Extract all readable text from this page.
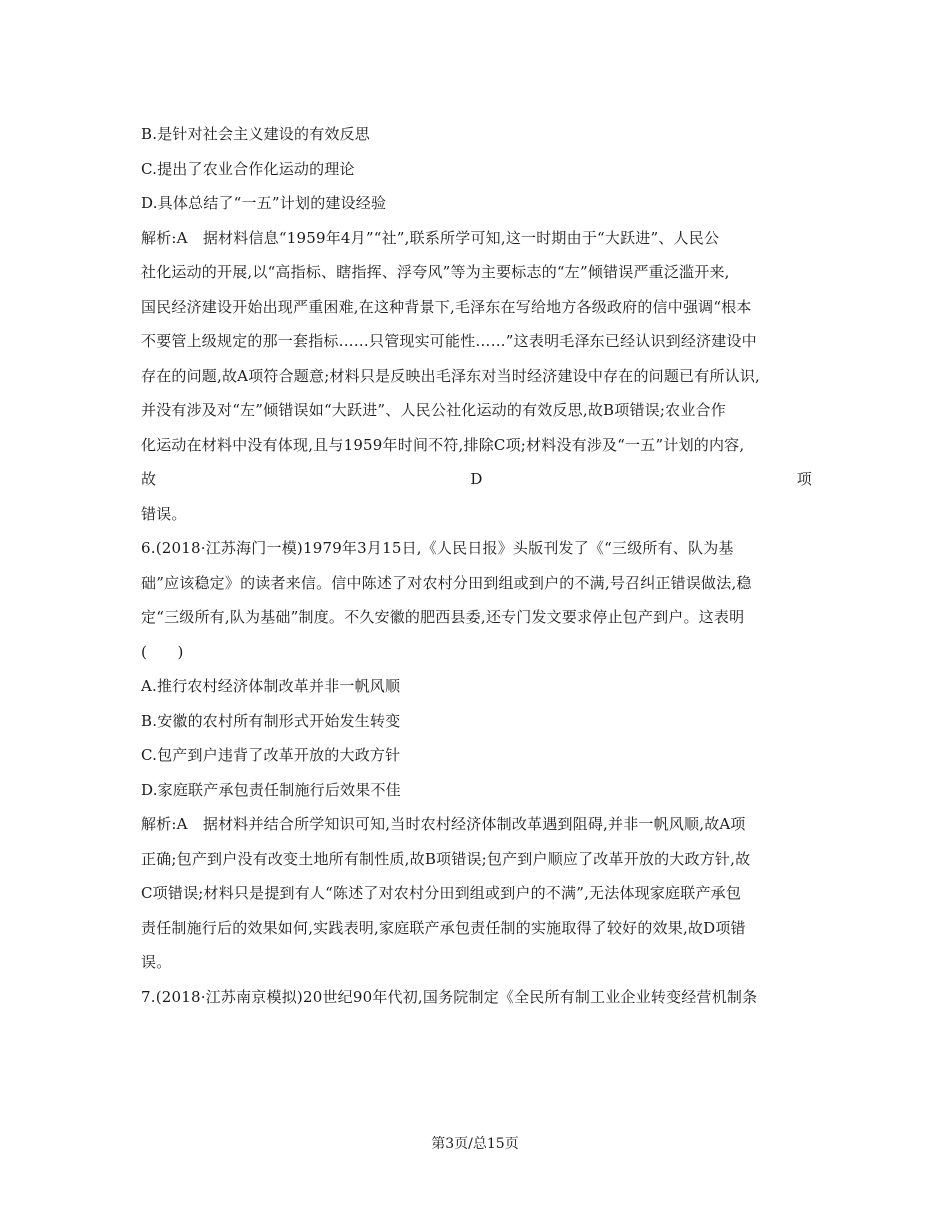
B.是针对社会主义建设的有效反思
C.提出了农业合作化运动的理论
D.具体总结了“一五”计划的建设经验
解析:A　据材料信息“1959年4月”“社”,联系所学可知,这一时期由于“大跃进”、人民公
社化运动的开展,以“高指标、瞎指挥、浮夸风”等为主要标志的“左”倾错误严重泛滥开来,
国民经济建设开始出现严重困难,在这种背景下,毛泽东在写给地方各级政府的信中强调“根本
不要管上级规定的那一套指标……只管现实可能性……”这表明毛泽东已经认识到经济建设中
存在的问题,故A项符合题意;材料只是反映出毛泽东对当时经济建设中存在的问题已有所认识,
并没有涉及对“左”倾错误如“大跃进”、人民公社化运动的有效反思,故B项错误;农业合作
化运动在材料中没有体现,且与1959年时间不符,排除C项;材料没有涉及“一五”计划的内容,
故	D	项
错误。
6.(2018·江苏海门一模)1979年3月15日,《人民日报》头版刊发了《“三级所有、队为基
础”应该稳定》的读者来信。信中陈述了对农村分田到组或到户的不满,号召纠正错误做法,稳
定“三级所有,队为基础”制度。不久安徽的肥西县委,还专门发文要求停止包产到户。这表明
(　　)
A.推行农村经济体制改革并非一帆风顺
B.安徽的农村所有制形式开始发生转变
C.包产到户违背了改革开放的大政方针
D.家庭联产承包责任制施行后效果不佳
解析:A　据材料并结合所学知识可知,当时农村经济体制改革遇到阻碍,并非一帆风顺,故A项
正确;包产到户没有改变土地所有制性质,故B项错误;包产到户顺应了改革开放的大政方针,故
C项错误;材料只是提到有人“陈述了对农村分田到组或到户的不满”,无法体现家庭联产承包
责任制施行后的效果如何,实践表明,家庭联产承包责任制的实施取得了较好的效果,故D项错
误。
7.(2018·江苏南京模拟)20世纪90年代初,国务院制定《全民所有制工业企业转变经营机制条
第3页/总15页
